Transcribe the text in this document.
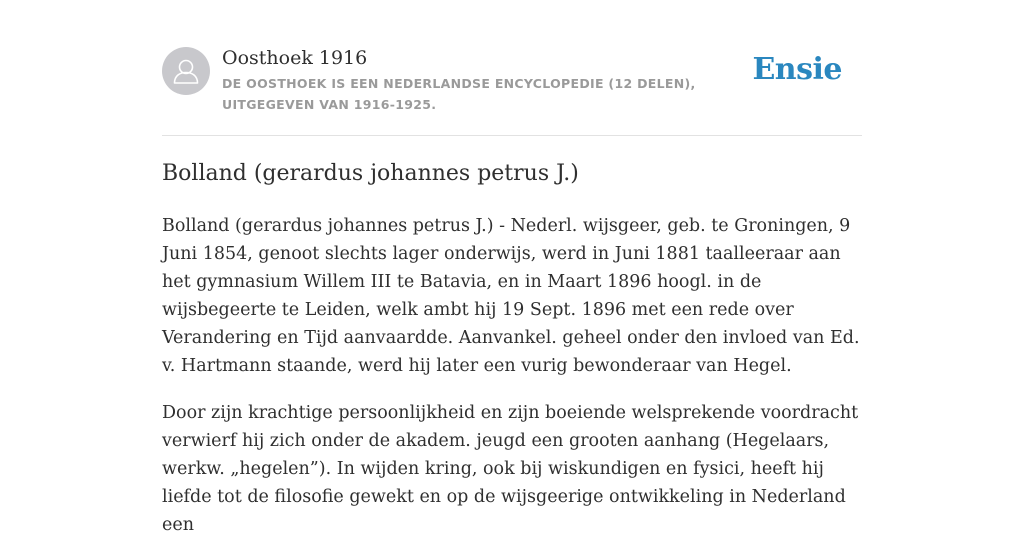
Oosthoek 1916
DE OOSTHOEK IS EEN NEDERLANDSE ENCYCLOPEDIE (12 DELEN), UITGEGEVEN VAN 1916-1925.
Ensie
Bolland (gerardus johannes petrus J.)

Bolland (gerardus johannes petrus J.) - Nederl. wijsgeer, geb. te Groningen, 9 Juni 1854, genoot slechts lager onderwijs, werd in Juni 1881 taalleeraar aan het gymnasium Willem III te Batavia, en in Maart 1896 hoogl. in de wijsbegeerte te Leiden, welk ambt hij 19 Sept. 1896 met een rede over Verandering en Tijd aanvaardde. Aanvankel. geheel onder den invloed van Ed. v. Hartmann staande, werd hij later een vurig bewonderaar van Hegel.

Door zijn krachtige persoonlijkheid en zijn boeiende welsprekende voordracht verwierf hij zich onder de akadem. jeugd een grooten aanhang (Hegelaars, werkw. „hegelen”). In wijden kring, ook bij wiskundigen en fysici, heeft hij liefde tot de filosofie gewekt en op de wijsgeerige ontwikkeling in Nederland een
